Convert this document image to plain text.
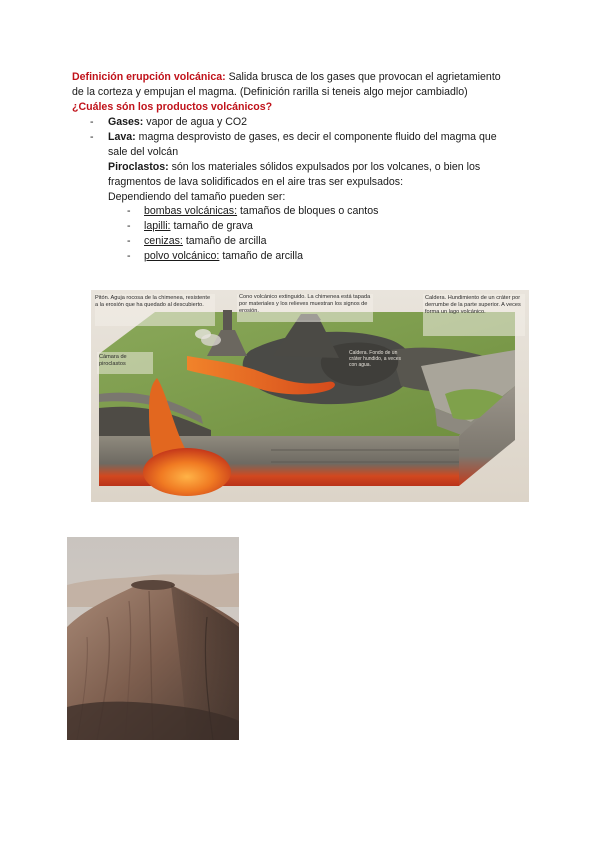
Definición erupción volcánica: Salida brusca de los gases que provocan el agrietamiento
de la corteza y empujan el magma. (Definición rarilla si teneis algo mejor cambiadlo)
¿Cuáles són los productos volcánicos?
- Gases: vapor de agua y CO2
- Lava: magma desprovisto de gases, es decir el componente fluido del magma que
sale del volcán
Piroclastos: són los materiales sólidos expulsados por los volcanes, o bien los
fragmentos de lava solidificados en el aire tras ser expulsados:
Dependiendo del tamaño pueden ser:
- bombas volcánicas: tamaños de bloques o cantos
- lapilli: tamaño de grava
- cenizas: tamaño de arcilla
- polvo volcánico: tamaño de arcilla
Pitón. Aguja rocosa de la chimenea, resistente a la erosión que ha quedado al descubierto.
Cono volcánico extinguido. La chimenea está tapada por materiales y los relieves muestran los signos de erosión.
Caldera. Hundimiento de un cráter por derrumbe de la parte superior. A veces forma un lago volcánico.
Cámara de piroclastos
Caldera. Fondo de un cráter hundido, a veces con agua.
